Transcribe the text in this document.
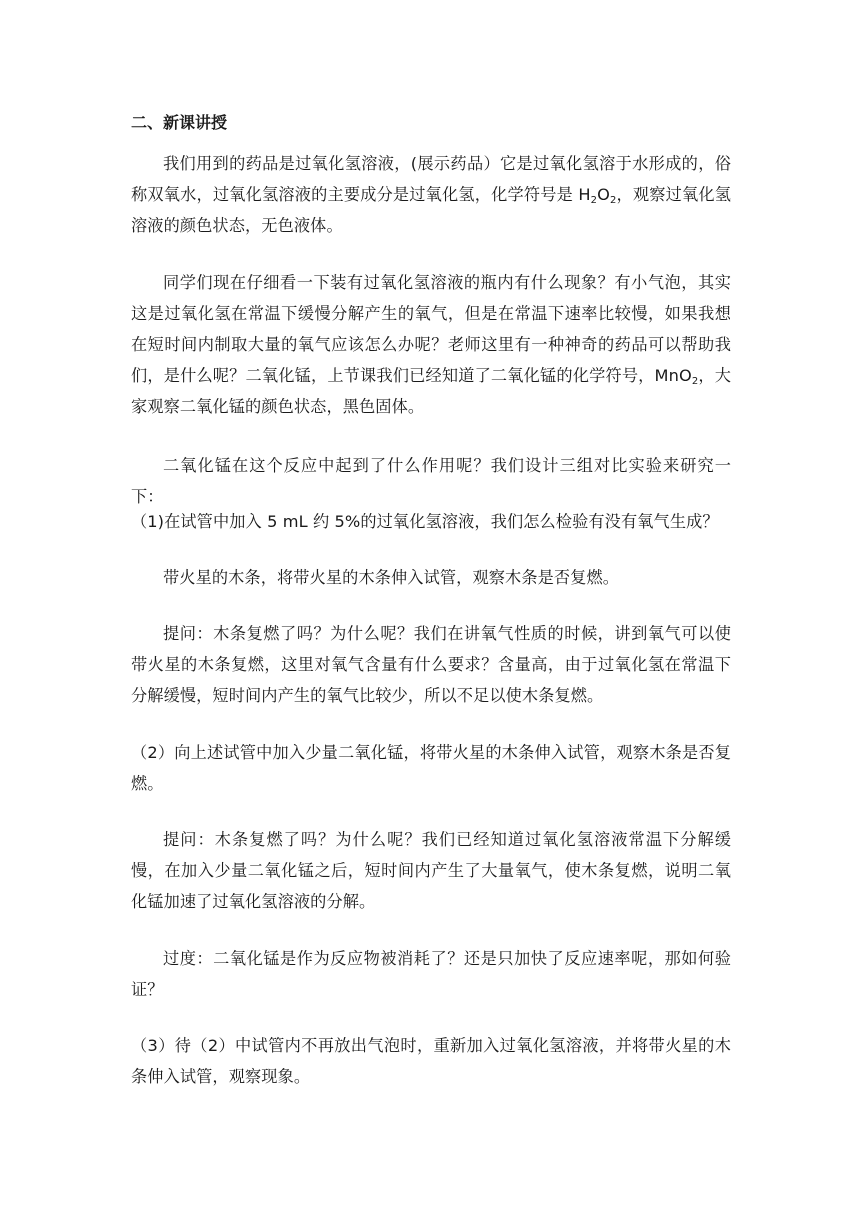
二、新课讲授

我们用到的药品是过氧化氢溶液，(展示药品）它是过氧化氢溶于水形成的，俗称双氧水，过氧化氢溶液的主要成分是过氧化氢，化学符号是 $H_2O_2$，观察过氧化氢溶液的颜色状态，无色液体。

同学们现在仔细看一下装有过氧化氢溶液的瓶内有什么现象？有小气泡，其实这是过氧化氢在常温下缓慢分解产生的氧气，但是在常温下速率比较慢，如果我想在短时间内制取大量的氧气应该怎么办呢？老师这里有一种神奇的药品可以帮助我们，是什么呢？二氧化锰，上节课我们已经知道了二氧化锰的化学符号，MnO$_2$，大家观察二氧化锰的颜色状态，黑色固体。

二氧化锰在这个反应中起到了什么作用呢？我们设计三组对比实验来研究一下：

（1)在试管中加入 5 mL 约 5%的过氧化氢溶液，我们怎么检验有没有氧气生成？

带火星的木条，将带火星的木条伸入试管，观察木条是否复燃。

提问：木条复燃了吗？为什么呢？我们在讲氧气性质的时候，讲到氧气可以使带火星的木条复燃，这里对氧气含量有什么要求？含量高，由于过氧化氢在常温下分解缓慢，短时间内产生的氧气比较少，所以不足以使木条复燃。

（2）向上述试管中加入少量二氧化锰，将带火星的木条伸入试管，观察木条是否复燃。

提问：木条复燃了吗？为什么呢？我们已经知道过氧化氢溶液常温下分解缓慢，在加入少量二氧化锰之后，短时间内产生了大量氧气，使木条复燃，说明二氧化锰加速了过氧化氢溶液的分解。

过度：二氧化锰是作为反应物被消耗了？还是只加快了反应速率呢，那如何验证？

（3）待（2）中试管内不再放出气泡时，重新加入过氧化氢溶液，并将带火星的木条伸入试管，观察现象。
